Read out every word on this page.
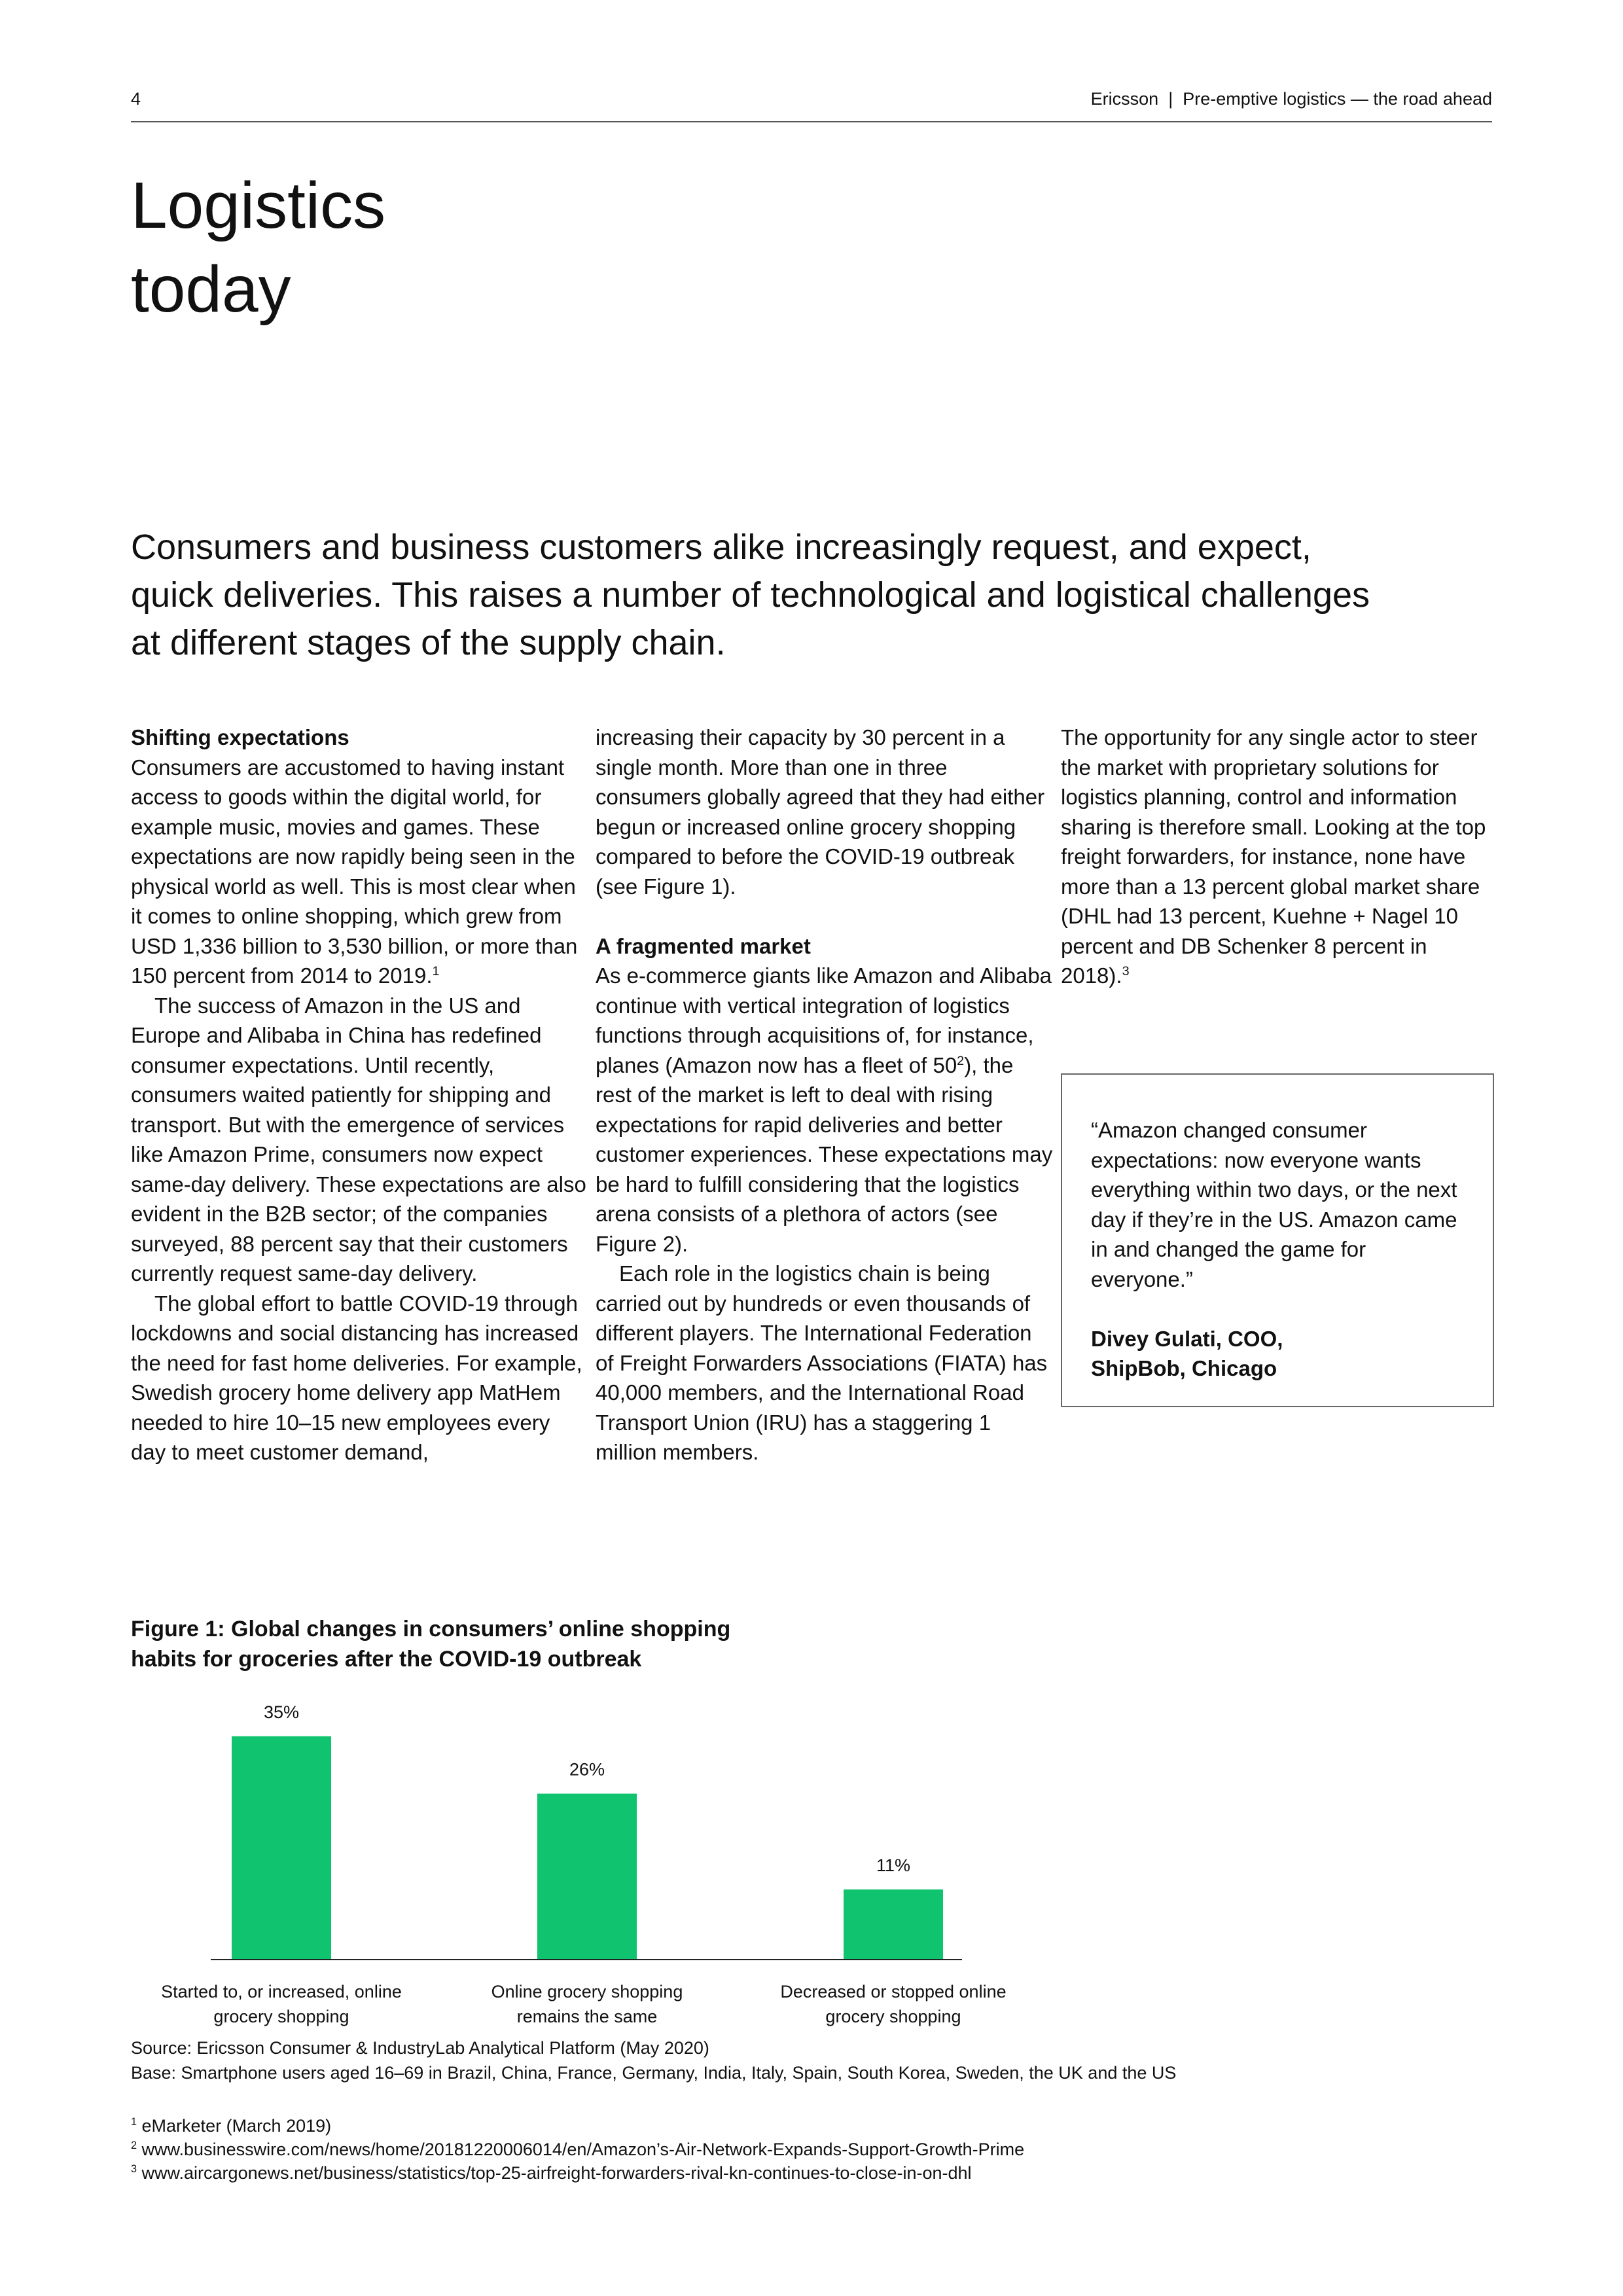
4	Ericsson | Pre-emptive logistics — the road ahead
Logistics
today
Consumers and business customers alike increasingly request, and expect, quick deliveries. This raises a number of technological and logistical challenges at different stages of the supply chain.

Shifting expectations

Consumers are accustomed to having instant access to goods within the digital world, for example music, movies and games. These expectations are now rapidly being seen in the physical world as well. This is most clear when it comes to online shopping, which grew from USD 1,336 billion to 3,530 billion, or more than 150 percent from 2014 to 2019.$^1$

The success of Amazon in the US and Europe and Alibaba in China has redefined consumer expectations. Until recently, consumers waited patiently for shipping and transport. But with the emergence of services like Amazon Prime, consumers now expect same-day delivery. These expectations are also evident in the B2B sector; of the companies surveyed, 88 percent say that their customers currently request same-day delivery.

The global effort to battle COVID-19 through lockdowns and social distancing has increased the need for fast home deliveries. For example, Swedish grocery home delivery app MatHem needed to hire 10–15 new employees every day to meet customer demand,

increasing their capacity by 30 percent in a single month. More than one in three consumers globally agreed that they had either begun or increased online grocery shopping compared to before the COVID-19 outbreak (see Figure 1).

A fragmented market

As e-commerce giants like Amazon and Alibaba continue with vertical integration of logistics functions through acquisitions of, for instance, planes (Amazon now has a fleet of $50^2$), the rest of the market is left to deal with rising expectations for rapid deliveries and better customer experiences. These expectations may be hard to fulfill considering that the logistics arena consists of a plethora of actors (see Figure 2).

Each role in the logistics chain is being carried out by hundreds or even thousands of different players. The International Federation of Freight Forwarders Associations (FIATA) has 40,000 members, and the International Road Transport Union (IRU) has a staggering 1 million members.

The opportunity for any single actor to steer the market with proprietary solutions for logistics planning, control and information sharing is therefore small. Looking at the top freight forwarders, for instance, none have more than a 13 percent global market share (DHL had 13 percent, Kuehne + Nagel 10 percent and DB Schenker 8 percent in 2018).$^3$

“Amazon changed consumer expectations: now everyone wants everything within two days, or the next day if they’re in the US. Amazon came in and changed the game for everyone.”
Divey Gulati, COO,
ShipBob, Chicago
Figure 1: Global changes in consumers’ online shopping
habits for groceries after the COVID-19 outbreak
35%
Started to, or increased, online
grocery shopping
26%
Online grocery shopping
remains the same
11%
Decreased or stopped online
grocery shopping
Source: Ericsson Consumer & IndustryLab Analytical Platform (May 2020)
Base: Smartphone users aged 16–69 in Brazil, China, France, Germany, India, Italy, Spain, South Korea, Sweden, the UK and the US
$^1$ eMarketer (March 2019)
$^2$ www.businesswire.com/news/home/20181220006014/en/Amazon’s-Air-Network-Expands-Support-Growth-Prime
$^3$ www.aircargonews.net/business/statistics/top-25-airfreight-forwarders-rival-kn-continues-to-close-in-on-dhl
